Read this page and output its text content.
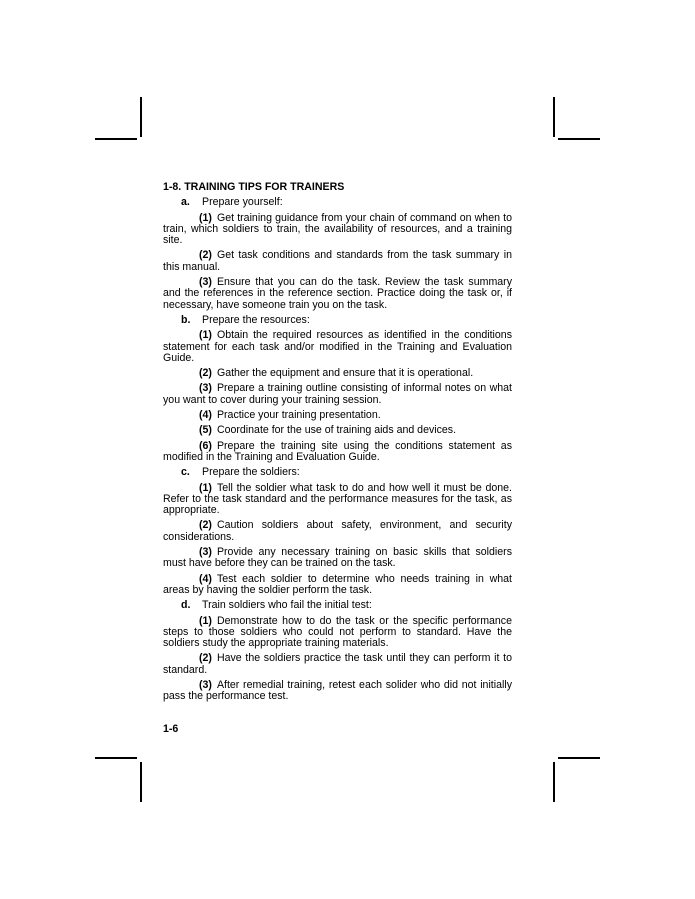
1-8. TRAINING TIPS FOR TRAINERS
a. Prepare yourself:
(1) Get training guidance from your chain of command on when to train, which soldiers to train, the availability of resources, and a training site.
(2) Get task conditions and standards from the task summary in this manual.
(3) Ensure that you can do the task. Review the task summary and the references in the reference section. Practice doing the task or, if necessary, have someone train you on the task.
b. Prepare the resources:
(1) Obtain the required resources as identified in the conditions statement for each task and/or modified in the Training and Evaluation Guide.
(2) Gather the equipment and ensure that it is operational.
(3) Prepare a training outline consisting of informal notes on what you want to cover during your training session.
(4) Practice your training presentation.
(5) Coordinate for the use of training aids and devices.
(6) Prepare the training site using the conditions statement as modified in the Training and Evaluation Guide.
c. Prepare the soldiers:
(1) Tell the soldier what task to do and how well it must be done. Refer to the task standard and the performance measures for the task, as appropriate.
(2) Caution soldiers about safety, environment, and security considerations.
(3) Provide any necessary training on basic skills that soldiers must have before they can be trained on the task.
(4) Test each soldier to determine who needs training in what areas by having the soldier perform the task.
d. Train soldiers who fail the initial test:
(1) Demonstrate how to do the task or the specific performance steps to those soldiers who could not perform to standard. Have the soldiers study the appropriate training materials.
(2) Have the soldiers practice the task until they can perform it to standard.
(3) After remedial training, retest each solider who did not initially pass the performance test.
1-6
